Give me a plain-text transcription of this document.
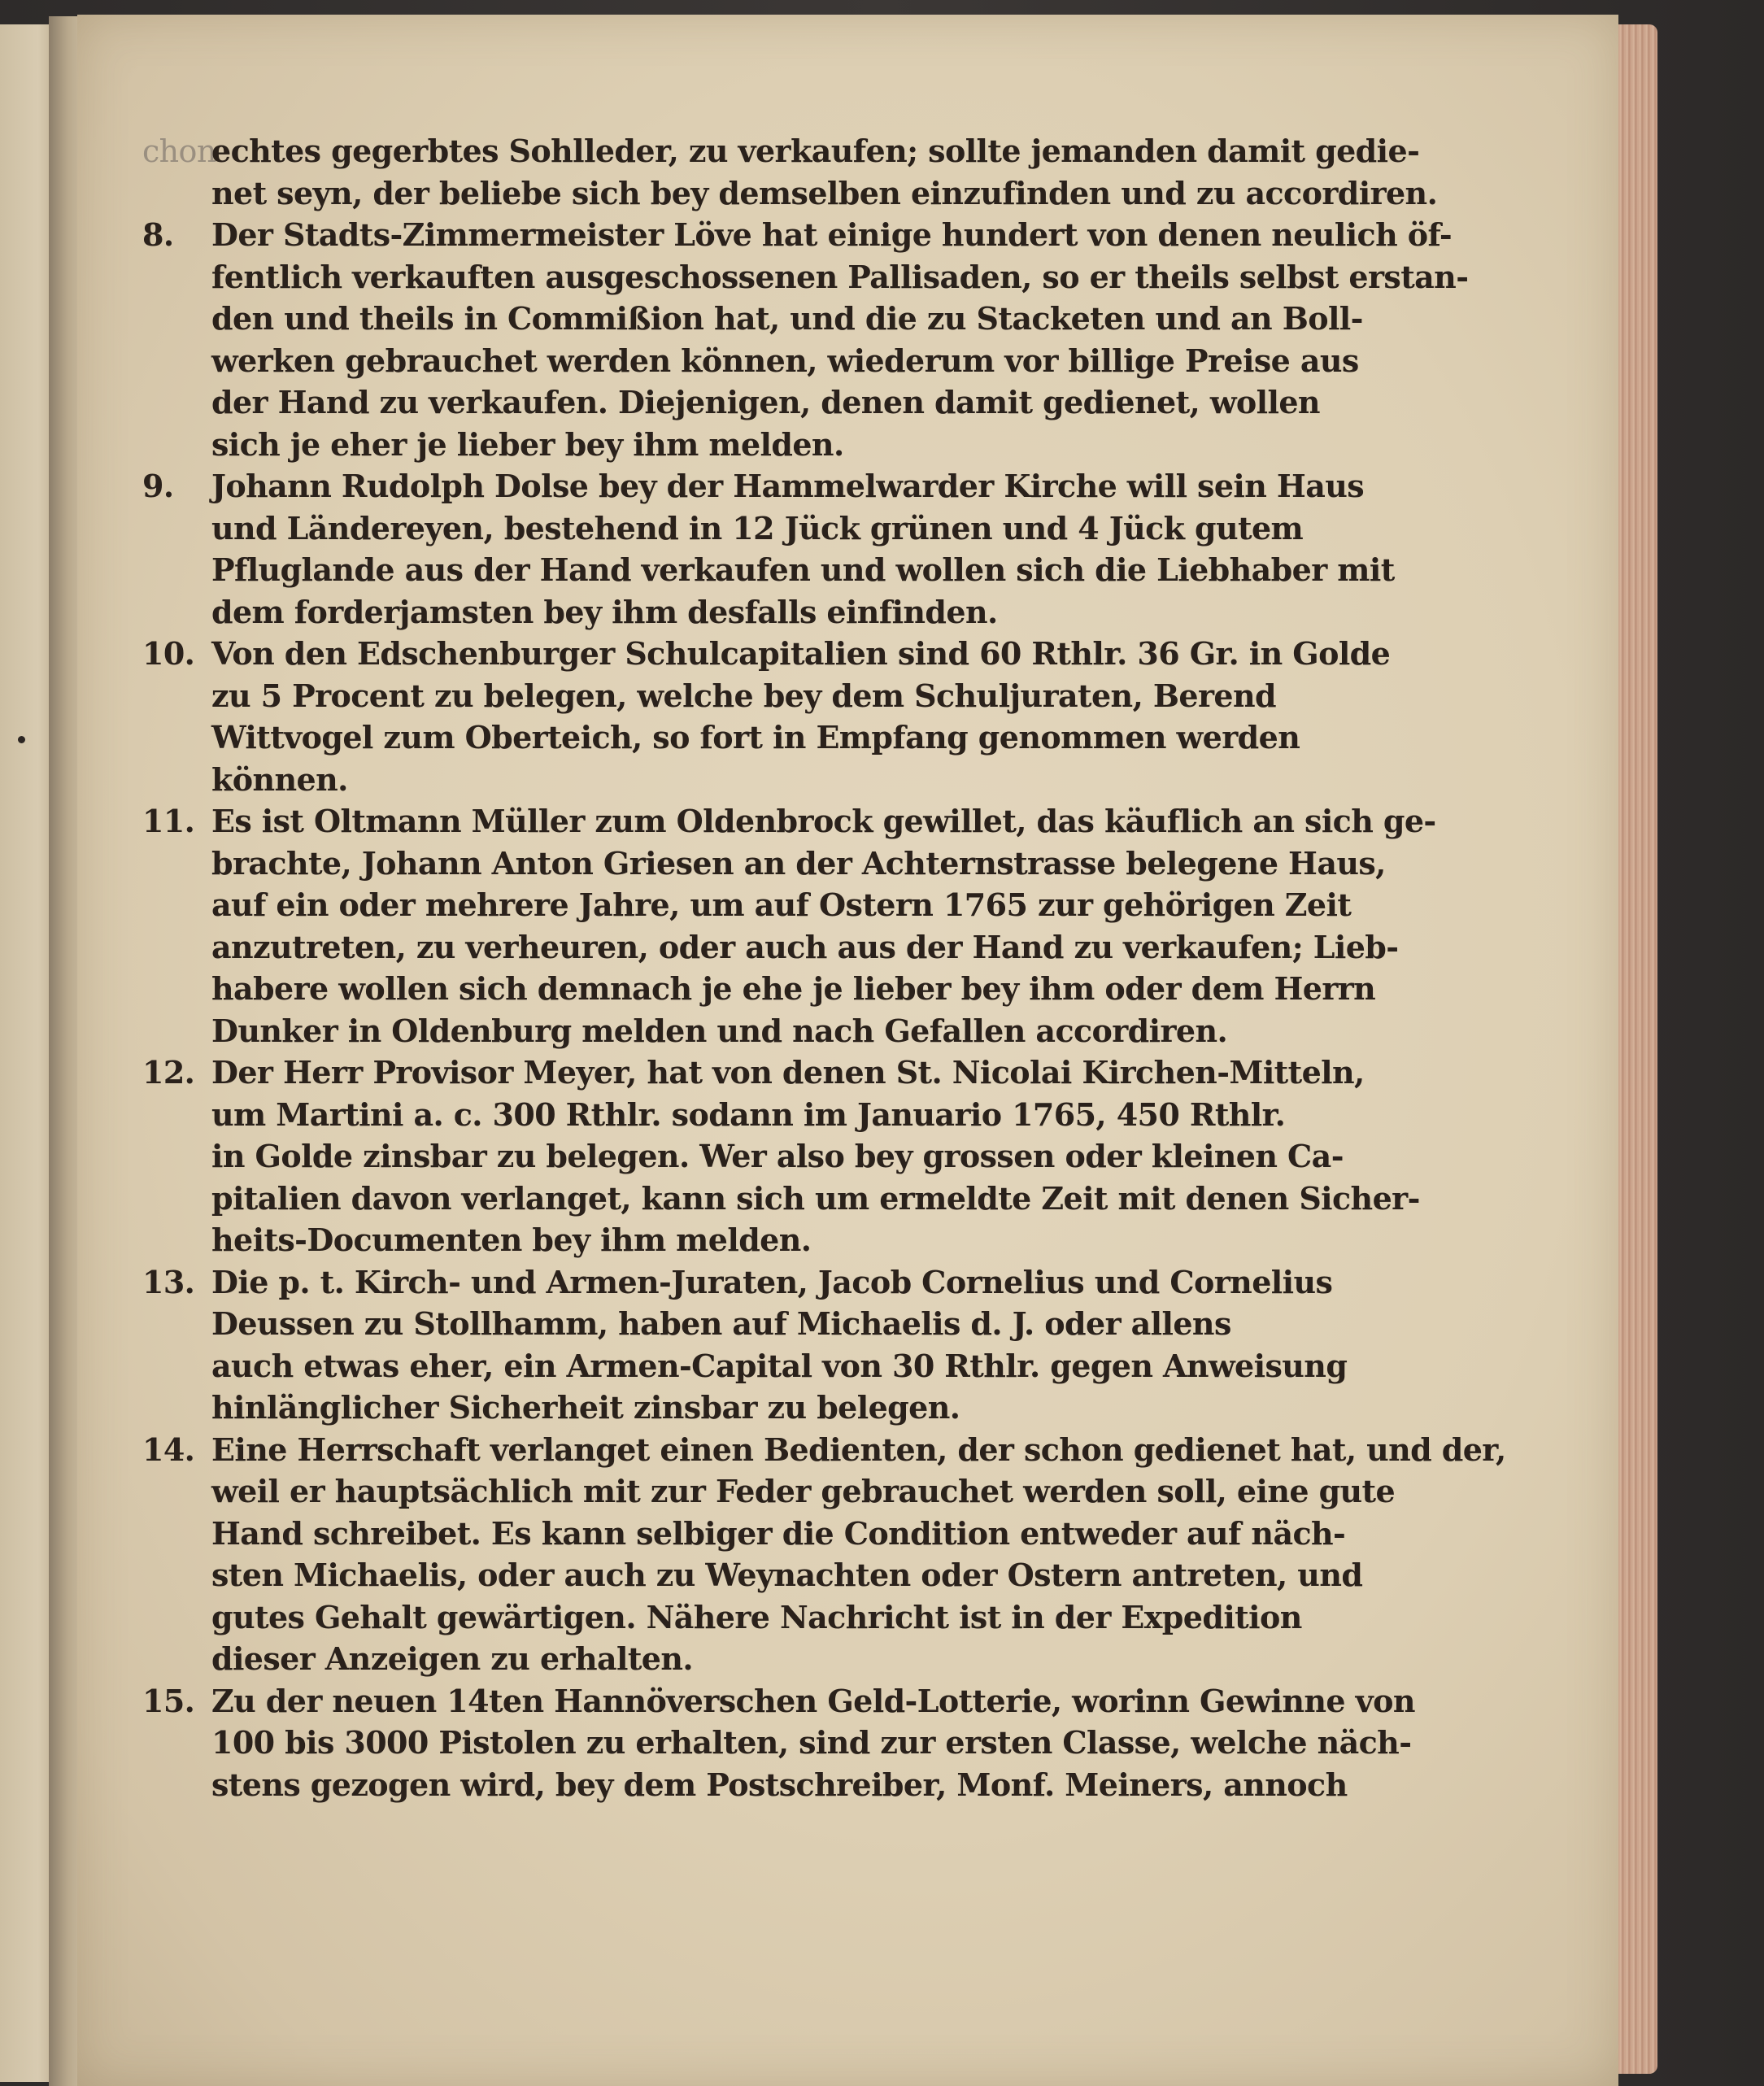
chon
echtes gegerbtes Sohlleder, zu verkaufen; sollte jemanden damit gedie-
net seyn, der beliebe sich bey demselben einzufinden und zu accordiren.
8.	Der Stadts-Zimmermeister Löve hat einige hundert von denen neulich öf-
fentlich verkauften ausgeschossenen Pallisaden, so er theils selbst erstan-
den und theils in Commißion hat, und die zu Stacketen und an Boll-
werken gebrauchet werden können, wiederum vor billige Preise aus
der Hand zu verkaufen. Diejenigen, denen damit gedienet, wollen
sich je eher je lieber bey ihm melden.
9.	Johann Rudolph Dolse bey der Hammelwarder Kirche will sein Haus
und Ländereyen, bestehend in 12 Jück grünen und 4 Jück gutem
Pfluglande aus der Hand verkaufen und wollen sich die Liebhaber mit
dem forderjamsten bey ihm desfalls einfinden.
10. Von den Edschenburger Schulcapitalien sind 60 Rthlr. 36 Gr. in Golde
zu 5 Procent zu belegen, welche bey dem Schuljuraten, Berend
Wittvogel zum Oberteich, so fort in Empfang genommen werden
können.
11. Es ist Oltmann Müller zum Oldenbrock gewillet, das käuflich an sich ge-
brachte, Johann Anton Griesen an der Achternstrasse belegene Haus,
auf ein oder mehrere Jahre, um auf Ostern 1765 zur gehörigen Zeit
anzutreten, zu verheuren, oder auch aus der Hand zu verkaufen; Lieb-
habere wollen sich demnach je ehe je lieber bey ihm oder dem Herrn
Dunker in Oldenburg melden und nach Gefallen accordiren.
12. Der Herr Provisor Meyer, hat von denen St. Nicolai Kirchen-Mitteln,
um Martini a. c. 300 Rthlr. sodann im Januario 1765, 450 Rthlr.
in Golde zinsbar zu belegen. Wer also bey grossen oder kleinen Ca-
pitalien davon verlanget, kann sich um ermeldte Zeit mit denen Sicher-
heits-Documenten bey ihm melden.
13. Die p. t. Kirch- und Armen-Juraten, Jacob Cornelius und Cornelius
Deussen zu Stollhamm, haben auf Michaelis d. J. oder allens
auch etwas eher, ein Armen-Capital von 30 Rthlr. gegen Anweisung
hinlänglicher Sicherheit zinsbar zu belegen.
14. Eine Herrschaft verlanget einen Bedienten, der schon gedienet hat, und der,
weil er hauptsächlich mit zur Feder gebrauchet werden soll, eine gute
Hand schreibet. Es kann selbiger die Condition entweder auf näch-
sten Michaelis, oder auch zu Weynachten oder Ostern antreten, und
gutes Gehalt gewärtigen. Nähere Nachricht ist in der Expedition
dieser Anzeigen zu erhalten.
15. Zu der neuen 14ten Hannöverschen Geld-Lotterie, worinn Gewinne von
100 bis 3000 Pistolen zu erhalten, sind zur ersten Classe, welche näch-
stens gezogen wird, bey dem Postschreiber, Monf. Meiners, annoch
